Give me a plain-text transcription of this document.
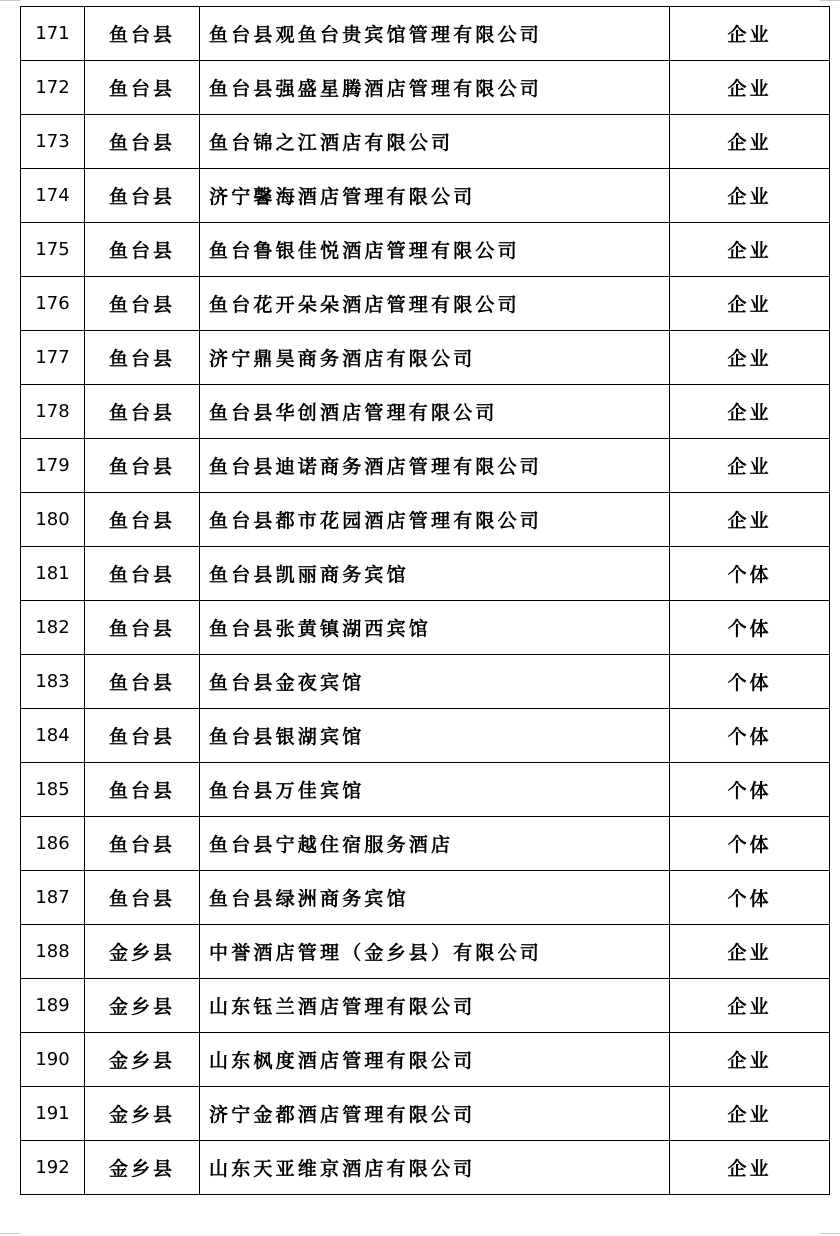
171	鱼台县	鱼台县观鱼台贵宾馆管理有限公司	企业
172	鱼台县	鱼台县强盛星腾酒店管理有限公司	企业
173	鱼台县	鱼台锦之江酒店有限公司	企业
174	鱼台县	济宁馨海酒店管理有限公司	企业
175	鱼台县	鱼台鲁银佳悦酒店管理有限公司	企业
176	鱼台县	鱼台花开朵朵酒店管理有限公司	企业
177	鱼台县	济宁鼎昊商务酒店有限公司	企业
178	鱼台县	鱼台县华创酒店管理有限公司	企业
179	鱼台县	鱼台县迪诺商务酒店管理有限公司	企业
180	鱼台县	鱼台县都市花园酒店管理有限公司	企业
181	鱼台县	鱼台县凯丽商务宾馆	个体
182	鱼台县	鱼台县张黄镇湖西宾馆	个体
183	鱼台县	鱼台县金夜宾馆	个体
184	鱼台县	鱼台县银湖宾馆	个体
185	鱼台县	鱼台县万佳宾馆	个体
186	鱼台县	鱼台县宁越住宿服务酒店	个体
187	鱼台县	鱼台县绿洲商务宾馆	个体
188	金乡县	中誉酒店管理（金乡县）有限公司	企业
189	金乡县	山东钰兰酒店管理有限公司	企业
190	金乡县	山东枫度酒店管理有限公司	企业
191	金乡县	济宁金都酒店管理有限公司	企业
192	金乡县	山东天亚维京酒店有限公司	企业
